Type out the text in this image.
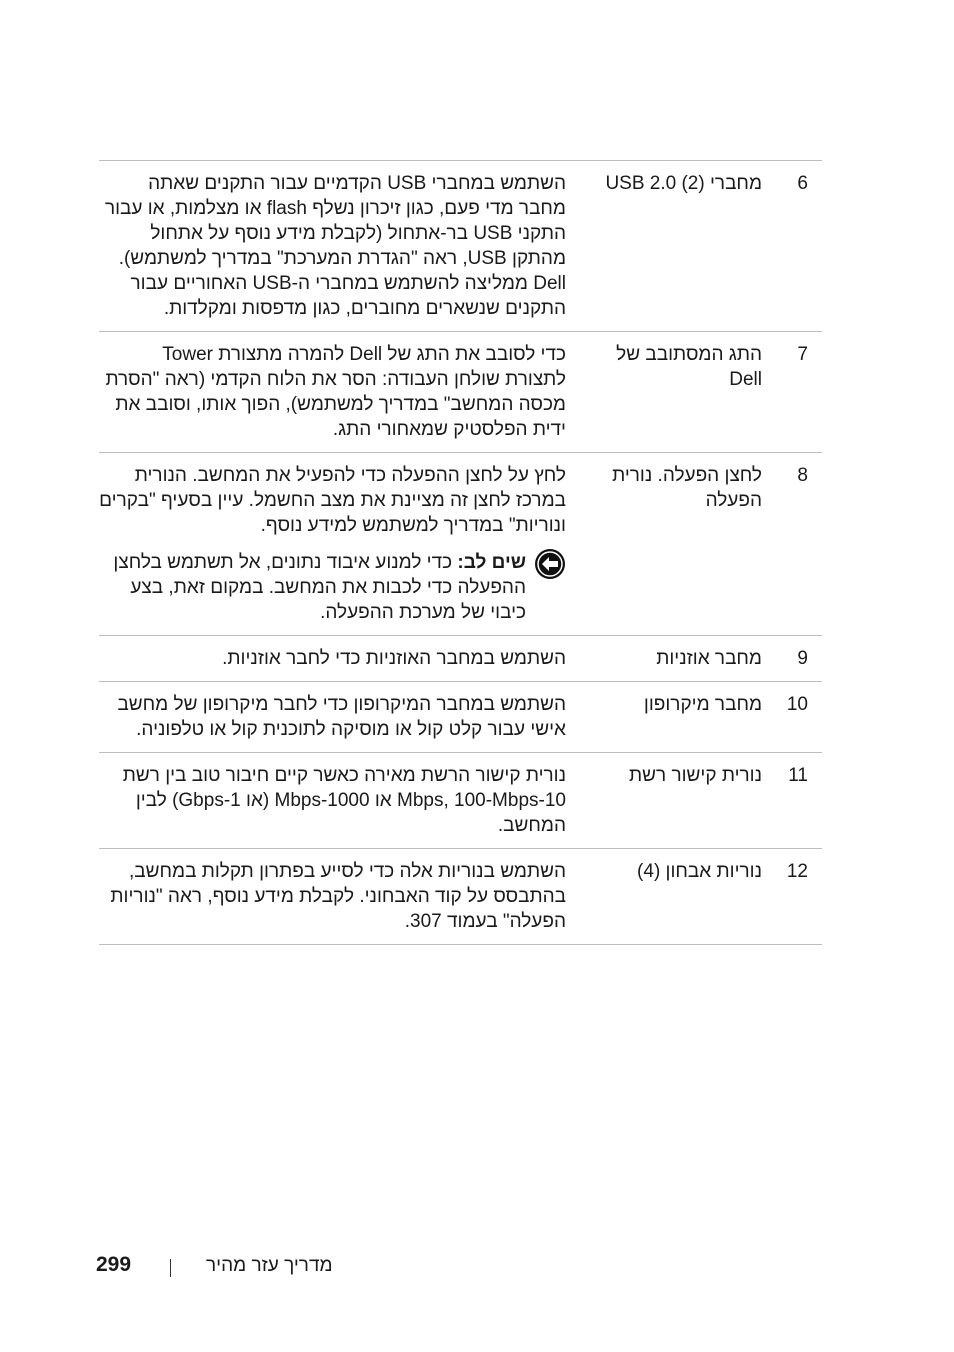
6
מחברי USB 2.0 (2)

השתמש במחברי USB הקדמיים עבור התקנים שאתה מחבר מדי פעם, כגון זיכרון נשלף flash או מצלמות, או עבור התקני USB בר-אתחול (לקבלת מידע נוסף על אתחול מהתקן USB, ראה "הגדרת המערכת" במדריך למשתמש). Dell ממליצה להשתמש במחברי ה-USB האחוריים עבור התקנים שנשארים מחוברים, כגון מדפסות ומקלדות.

7
התג המסתובב של Dell

כדי לסובב את התג של Dell להמרה מתצורת Tower לתצורת שולחן העבודה: הסר את הלוח הקדמי (ראה "הסרת מכסה המחשב" במדריך למשתמש), הפוך אותו, וסובב את ידית הפלסטיק שמאחורי התג.

8
לחצן הפעלה. נורית הפעלה

לחץ על לחצן ההפעלה כדי להפעיל את המחשב. הנורית במרכז לחצן זה מציינת את מצב החשמל. עיין בסעיף "בקרים ונוריות" במדריך למשתמש למידע נוסף.

שים לב: כדי למנוע איבוד נתונים, אל תשתמש בלחצן ההפעלה כדי לכבות את המחשב. במקום זאת, בצע כיבוי של מערכת ההפעלה.
9
מחבר אוזניות

השתמש במחבר האוזניות כדי לחבר אוזניות.

10
מחבר מיקרופון

השתמש במחבר המיקרופון כדי לחבר מיקרופון של מחשב אישי עבור קלט קול או מוסיקה לתוכנית קול או טלפוניה.

11
נורית קישור רשת

נורית קישור הרשת מאירה כאשר קיים חיבור טוב בין רשת 10-Mbps, 100-Mbps או 1000-Mbps (או 1-Gbps) לבין המחשב.

12
נוריות אבחון (4)

השתמש בנוריות אלה כדי לסייע בפתרון תקלות במחשב, בהתבסס על קוד האבחוני. לקבלת מידע נוסף, ראה "נוריות הפעלה" בעמוד 307.

299	מדריך עזר מהיר
